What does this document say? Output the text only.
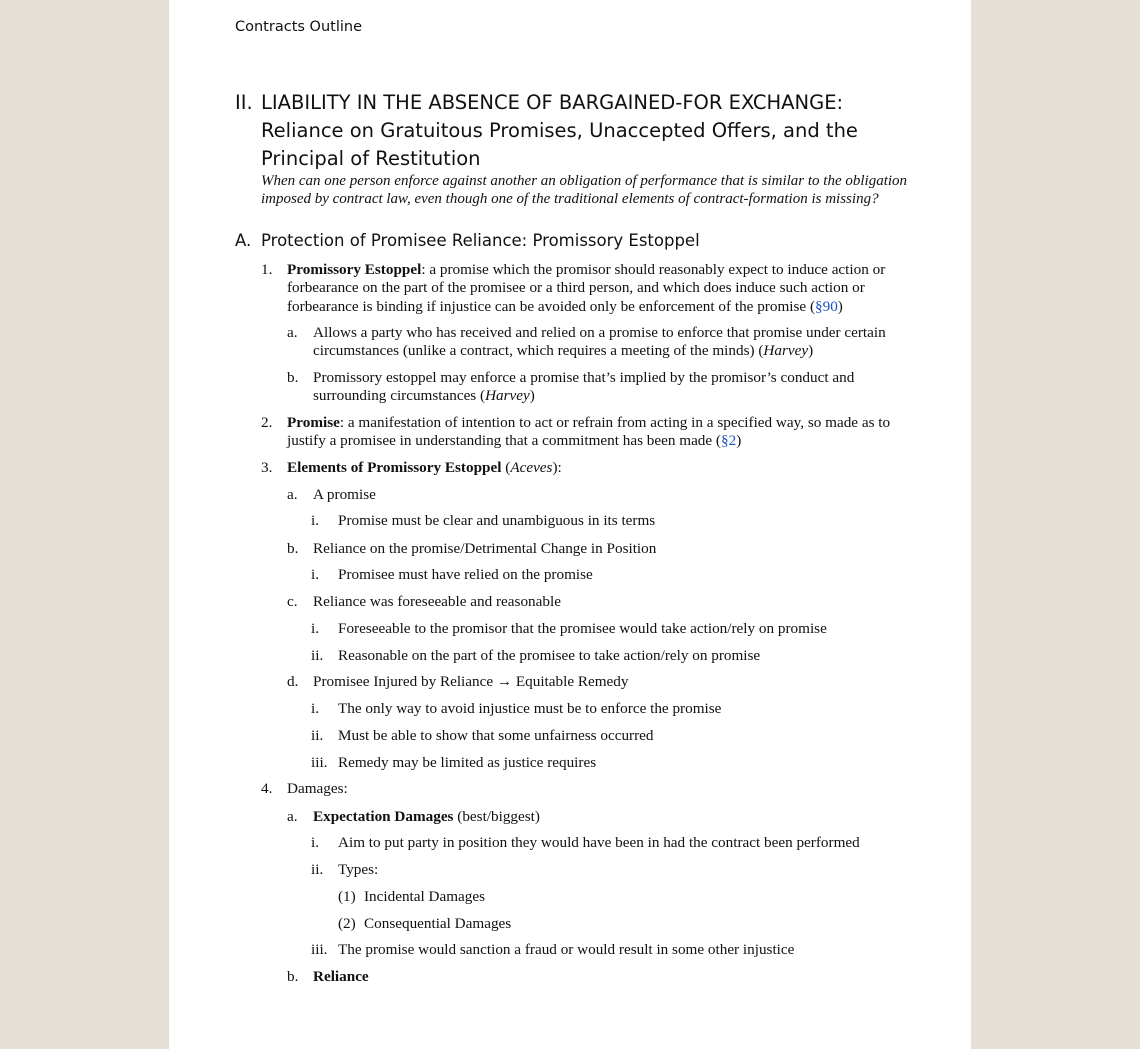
Contracts Outline
II. LIABILITY IN THE ABSENCE OF BARGAINED-FOR EXCHANGE: Reliance on Gratuitous Promises, Unaccepted Offers, and the Principal of Restitution
When can one person enforce against another an obligation of performance that is similar to the obligation imposed by contract law, even though one of the traditional elements of contract-formation is missing?
A. Protection of Promisee Reliance: Promissory Estoppel
1. Promissory Estoppel: a promise which the promisor should reasonably expect to induce action or forbearance on the part of the promisee or a third person, and which does induce such action or forbearance is binding if injustice can be avoided only be enforcement of the promise (§90)
a. Allows a party who has received and relied on a promise to enforce that promise under certain circumstances (unlike a contract, which requires a meeting of the minds) (Harvey)
b. Promissory estoppel may enforce a promise that’s implied by the promisor’s conduct and surrounding circumstances (Harvey)
2. Promise: a manifestation of intention to act or refrain from acting in a specified way, so made as to justify a promisee in understanding that a commitment has been made (§2)
3. Elements of Promissory Estoppel (Aceves):
a. A promise
i. Promise must be clear and unambiguous in its terms
b. Reliance on the promise/Detrimental Change in Position
i. Promisee must have relied on the promise
c. Reliance was foreseeable and reasonable
i. Foreseeable to the promisor that the promisee would take action/rely on promise
ii. Reasonable on the part of the promisee to take action/rely on promise
d. Promisee Injured by Reliance → Equitable Remedy
i. The only way to avoid injustice must be to enforce the promise
ii. Must be able to show that some unfairness occurred
iii. Remedy may be limited as justice requires
4. Damages:
a. Expectation Damages (best/biggest)
i. Aim to put party in position they would have been in had the contract been performed
ii. Types:
(1) Incidental Damages
(2) Consequential Damages
iii. The promise would sanction a fraud or would result in some other injustice
b. Reliance
